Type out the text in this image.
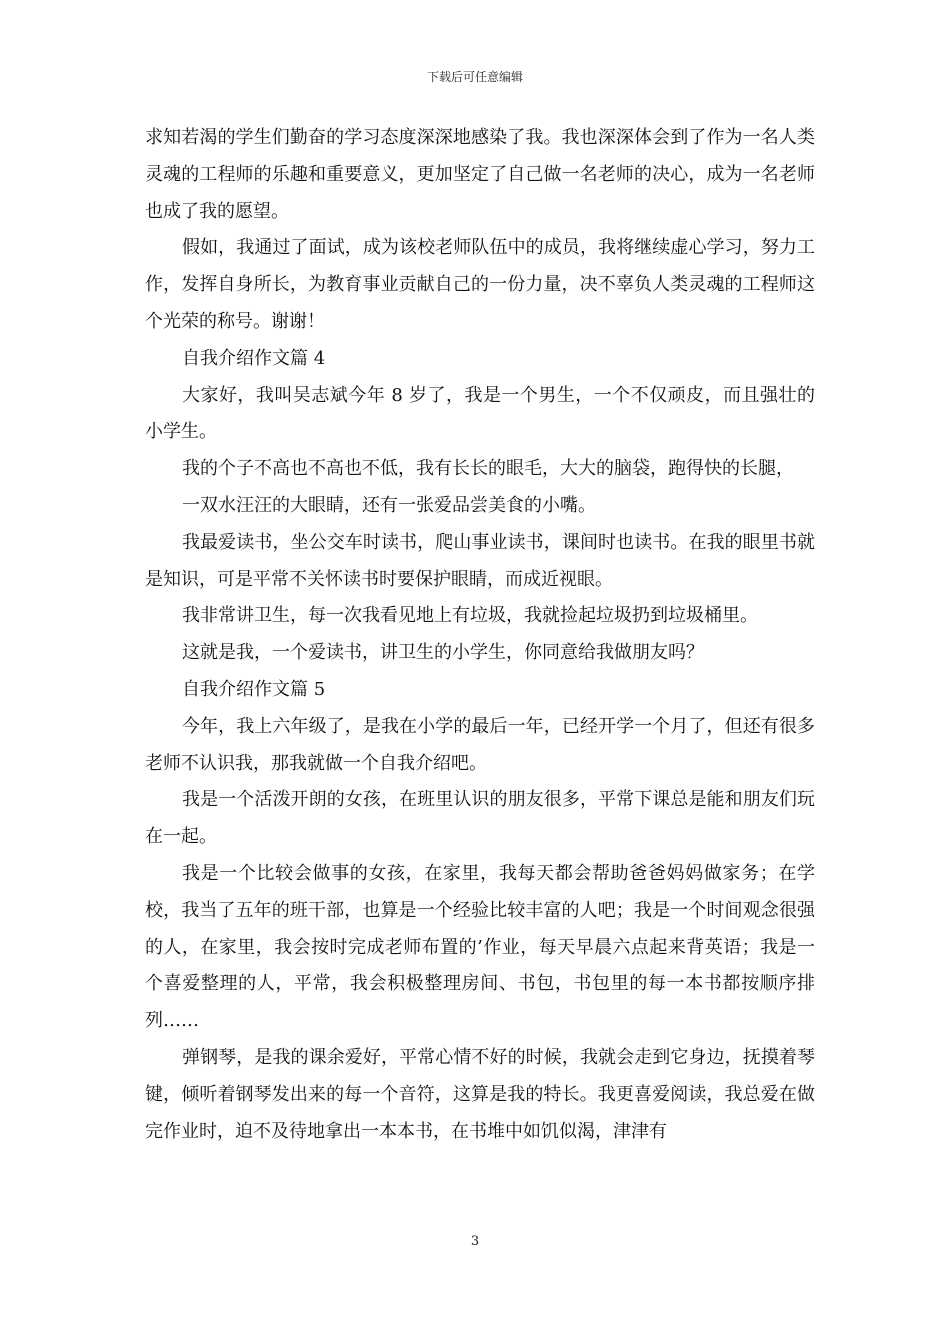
下载后可任意编辑

求知若渴的学生们勤奋的学习态度深深地感染了我。我也深深体会到了作为一名人类灵魂的工程师的乐趣和重要意义，更加坚定了自己做一名老师的决心，成为一名老师也成了我的愿望。

假如，我通过了面试，成为该校老师队伍中的成员，我将继续虚心学习，努力工作，发挥自身所长，为教育事业贡献自己的一份力量，决不辜负人类灵魂的工程师这个光荣的称号。谢谢！

自我介绍作文篇 4

大家好，我叫吴志斌今年 8 岁了，我是一个男生，一个不仅顽皮，而且强壮的小学生。

我的个子不高也不高也不低，我有长长的眼毛，大大的脑袋，跑得快的长腿，

一双水汪汪的大眼睛，还有一张爱品尝美食的小嘴。

我最爱读书，坐公交车时读书，爬山事业读书，课间时也读书。在我的眼里书就是知识，可是平常不关怀读书时要保护眼睛，而成近视眼。

我非常讲卫生，每一次我看见地上有垃圾，我就捡起垃圾扔到垃圾桶里。

这就是我，一个爱读书，讲卫生的小学生，你同意给我做朋友吗？

自我介绍作文篇 5

今年，我上六年级了，是我在小学的最后一年，已经开学一个月了，但还有很多老师不认识我，那我就做一个自我介绍吧。

我是一个活泼开朗的女孩，在班里认识的朋友很多，平常下课总是能和朋友们玩在一起。

我是一个比较会做事的女孩，在家里，我每天都会帮助爸爸妈妈做家务；在学校，我当了五年的班干部，也算是一个经验比较丰富的人吧；我是一个时间观念很强的人，在家里，我会按时完成老师布置的’作业，每天早晨六点起来背英语；我是一个喜爱整理的人，平常，我会积极整理房间、书包，书包里的每一本书都按顺序排列……

弹钢琴，是我的课余爱好，平常心情不好的时候，我就会走到它身边，抚摸着琴键，倾听着钢琴发出来的每一个音符，这算是我的特长。我更喜爱阅读，我总爱在做完作业时，迫不及待地拿出一本本书，在书堆中如饥似渴，津津有

3
